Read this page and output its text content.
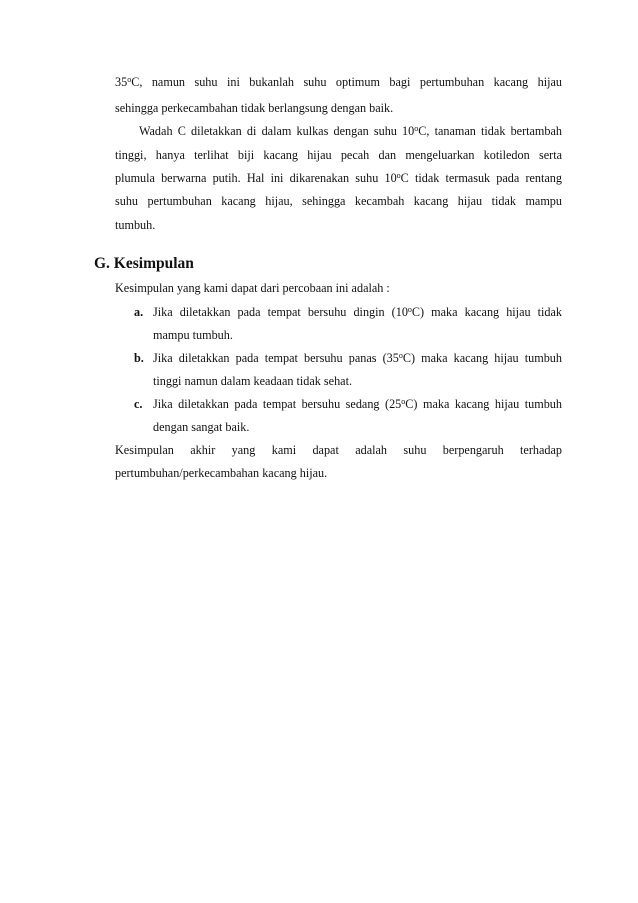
35$^o$C, namun suhu ini bukanlah suhu optimum bagi pertumbuhan kacang hijau
sehingga perkecambahan tidak berlangsung dengan baik.
Wadah C diletakkan di dalam kulkas dengan suhu 10$^o$C, tanaman tidak bertambah
tinggi, hanya terlihat biji kacang hijau pecah dan mengeluarkan kotiledon serta
plumula berwarna putih. Hal ini dikarenakan suhu 10$^o$C tidak termasuk pada rentang
suhu pertumbuhan kacang hijau, sehingga kecambah kacang hijau tidak mampu
tumbuh.
G. Kesimpulan
Kesimpulan yang kami dapat dari percobaan ini adalah :
a. Jika diletakkan pada tempat bersuhu dingin (10$^o$C) maka kacang hijau tidak
mampu tumbuh.
b. Jika diletakkan pada tempat bersuhu panas (35$^o$C) maka kacang hijau tumbuh
tinggi namun dalam keadaan tidak sehat.
c. Jika diletakkan pada tempat bersuhu sedang (25$^o$C) maka kacang hijau tumbuh
dengan sangat baik.
Kesimpulan akhir yang kami dapat adalah suhu berpengaruh terhadap
pertumbuhan/perkecambahan kacang hijau.
